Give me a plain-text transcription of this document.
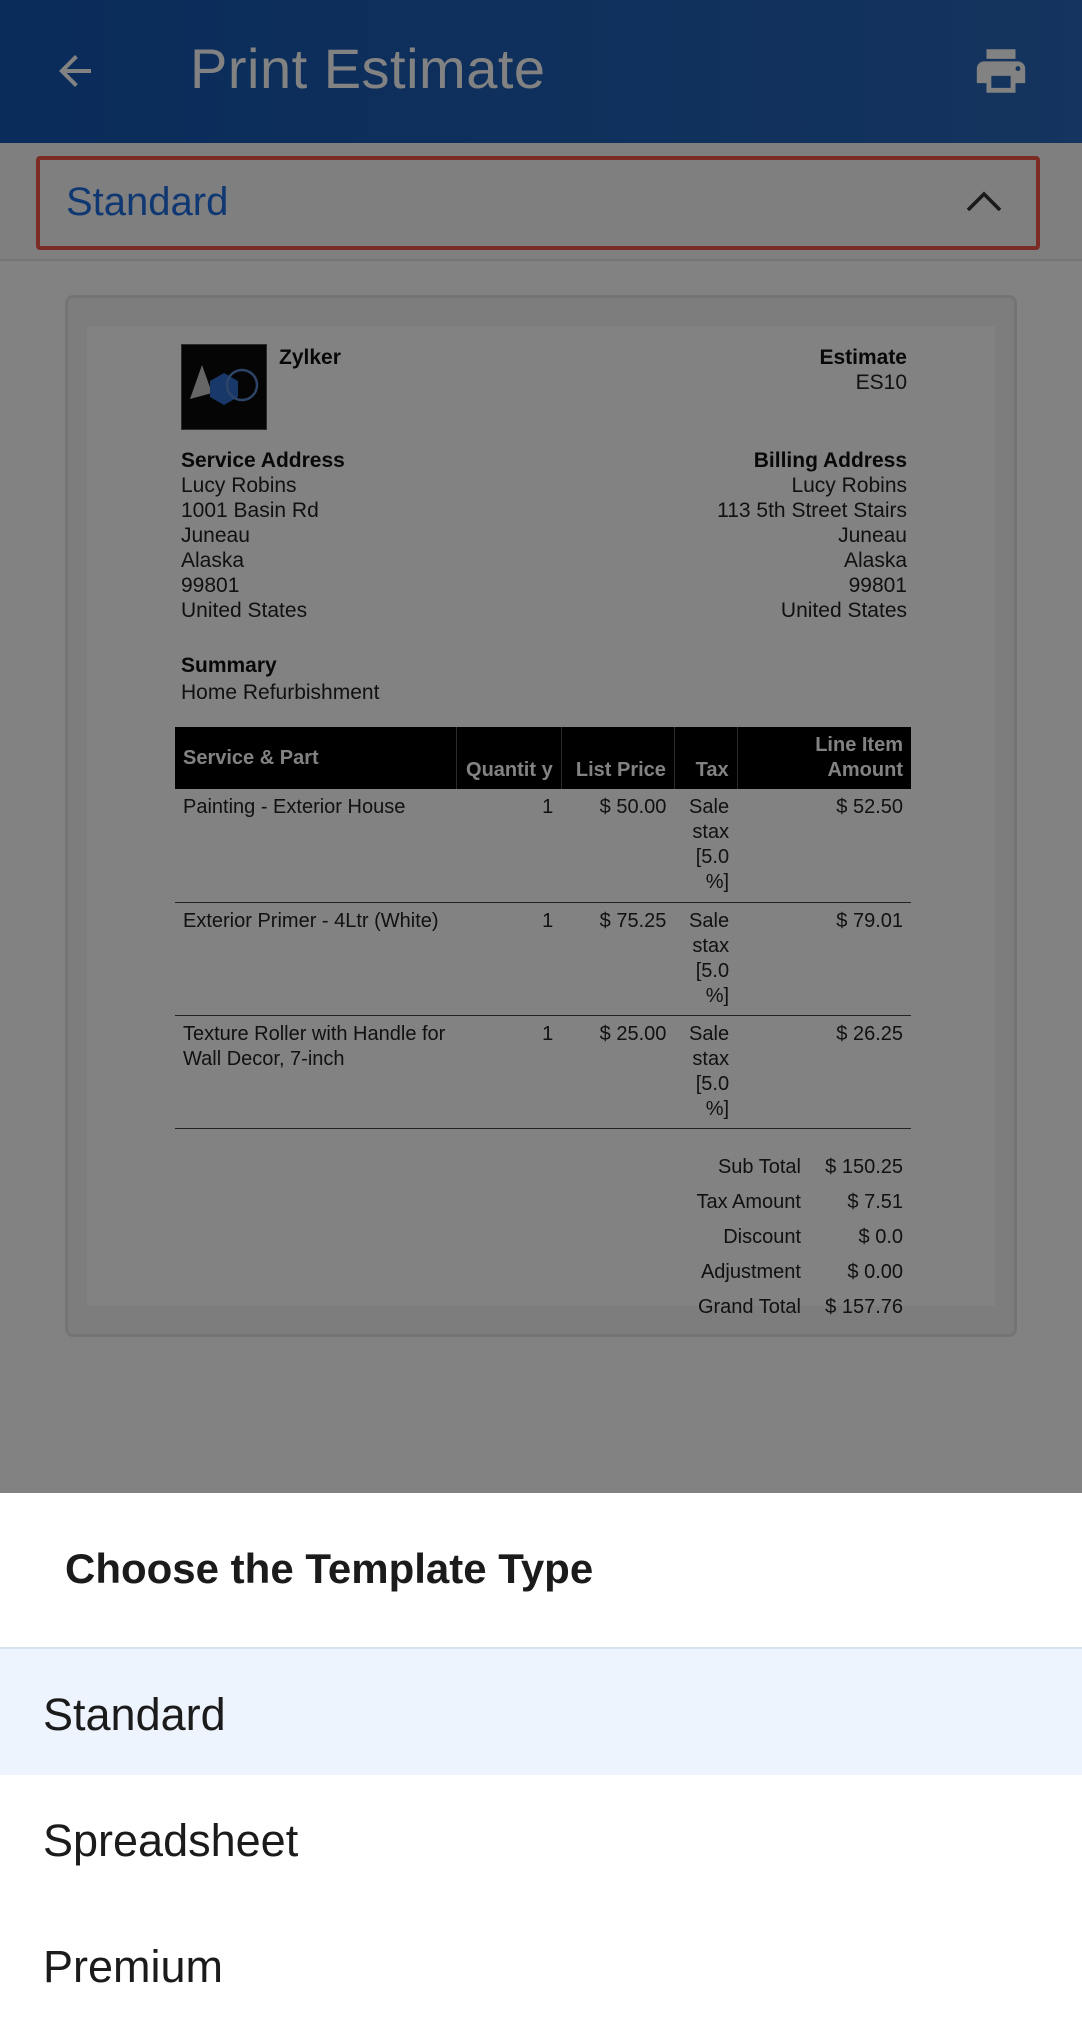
Print Estimate
Standard
Zylker	Estimate
ES10
Service Address
Lucy Robins
1001 Basin Rd
Juneau
Alaska
99801
United States
Billing Address
Lucy Robins
113 5th Street Stairs
Juneau
Alaska
99801
United States
Summary
Home Refurbishment
Service & Part	Quantit y	List Price	Tax	Line Item Amount
Painting - Exterior House	1	$ 50.00	Sale stax [5.0 %]	$ 52.50
Exterior Primer - 4Ltr (White)	1	$ 75.25	Sale stax [5.0 %]	$ 79.01
Texture Roller with Handle for Wall Decor, 7-inch	1	$ 25.00	Sale stax [5.0 %]	$ 26.25
Sub Total	$ 150.25
Tax Amount	$ 7.51
Discount	$ 0.0
Adjustment	$ 0.00
Grand Total	$ 157.76
Choose the Template Type
Standard
Spreadsheet
Premium
